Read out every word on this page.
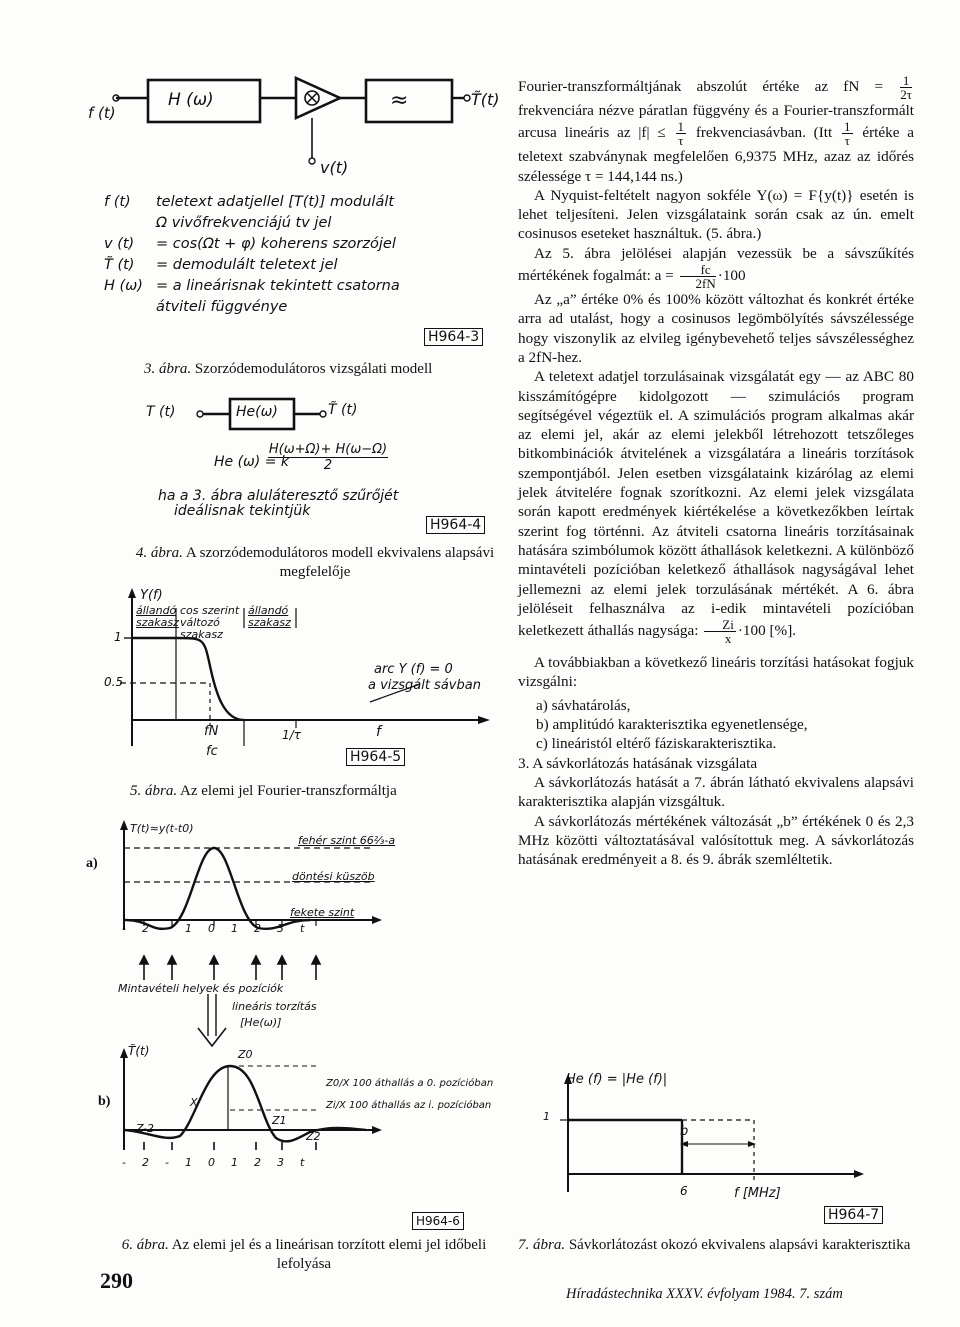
f (t)
H (ω)	≈	T̃(t)
v(t)
f (t) teletext adatjellel [T(t)] modulált
Ω vivőfrekvenciájú tv jel
v (t) = cos(Ωt + φ) koherens szorzójel
T̃ (t) = demodulált teletext jel
H (ω) = a lineárisnak tekintett csatorna
átviteli függvénye
H964-3
3. ábra. Szorzódemodulátoros vizsgálati modell
T (t)	He(ω)	T̃ (t)
He (ω) = k
$\frac{H(\omega+\Omega)+ H(\omega-\Omega)}{2}$
ha a 3. ábra aluláteresztő szűrőjét
ideálisnak tekintjük
H964-4
4. ábra. A szorzódemodulátoros modell ekvivalens alapsávi megfelelője
Y(f)
állandó szakasz
cos szerint változó szakasz
állandó szakasz
1
0.5
arc Y (f) = 0
a vizsgált sávban
fN
fc
1/τ	f
H964-5
5. ábra. Az elemi jel Fourier-transzformáltja
a)
T(t)≈y(t-t0)
fehér szint 66⅔-a
döntési küszöb
fekete szint
-2-10123t
Mintavételi helyek és pozíciók
lineáris torzítás
[He(ω)]
b)
T̃(t)	Z0
X
Z1
Z2
Z-2
Z0/X 100 áthallás a 0. pozícióban
Zi/X 100 áthallás az i. pozícióban
-2-10123t
H964-6
6. ábra. Az elemi jel és a lineárisan torzított elemi jel időbeli lefolyása
He (f) = |He (f)|
1
b
6	f [MHz]
H964-7
7. ábra. Sávkorlátozást okozó ekvivalens alapsávi karakterisztika

Fourier-transzformáltjának abszolút értéke az fN = $\frac{1}{2\tau}$
frekvenciára nézve páratlan függvény és a Fourier-transzformált arcusa lineáris az $|f| \le \frac{1}{\tau}$ frekvenciasávban. ($Itt \frac{1}{\tau}$ értéke a teletext szabványnak megfelelően 6,9375 MHz, azaz az időrés szélessége τ = 144,144 ns.)

A Nyquist-feltételt nagyon sokféle Y(ω) = F{y(t)} esetén is lehet teljesíteni. Jelen vizsgálataink során csak az ún. emelt cosinusos eseteket használtuk. (5. ábra.)

Az 5. ábra jelölései alapján vezessük be a sávszűkítés mértékének fogalmát: $a = \frac{fc}{2fN} \cdot 100$

Az „a” értéke 0% és 100% között változhat és konkrét értéke arra ad utalást, hogy a cosinusos legömbölyítés sávszélessége hogy viszonylik az elvileg igénybevehető teljes sávszélességhez a 2fN-hez.

A teletext adatjel torzulásainak vizsgálatát egy — az ABC 80 kisszámítógépre kidolgozott — szimulációs program segítségével végeztük el. A szimulációs program alkalmas akár az elemi jel, akár az elemi jelekből létrehozott tetszőleges bitkombinációk átvitelének a vizsgálatára a lineáris torzítások szempontjából. Jelen esetben vizsgálataink kizárólag az elemi jelek átvitelére fognak szorítkozni. Az elemi jelek vizsgálata során kapott eredmények kiértékelése a következőkben leírtak szerint fog történni. Az átviteli csatorna lineáris torzításainak hatására szimbólumok között áthallások keletkezni. A különböző mintavételi pozícióban keletkező áthallások nagyságával lehet jellemezni az elemi jelek torzulásának mértékét. A 6. ábra jelöléseit felhasználva az i-edik mintavételi pozícióban keletkezett áthallás nagysága: $\frac{Zi}{x} \cdot 100$ [%].

A továbbiakban a következő lineáris torzítási hatásokat fogjuk vizsgálni:

a) sávhatárolás,
b) amplitúdó karakterisztika egyenetlensége,
c) lineáristól eltérő fáziskarakterisztika.

3. A sávkorlátozás hatásának vizsgálata

A sávkorlátozás hatását a 7. ábrán látható ekvivalens alapsávi karakterisztika alapján vizsgáltuk.

A sávkorlátozás mértékének változását „b” értékének 0 és 2,3 MHz közötti változtatásával valósítottuk meg. A sávkorlátozás hatásának eredményeit a 8. és 9. ábrák szemléltetik.

290
Híradástechnika XXXV. évfolyam 1984. 7. szám
